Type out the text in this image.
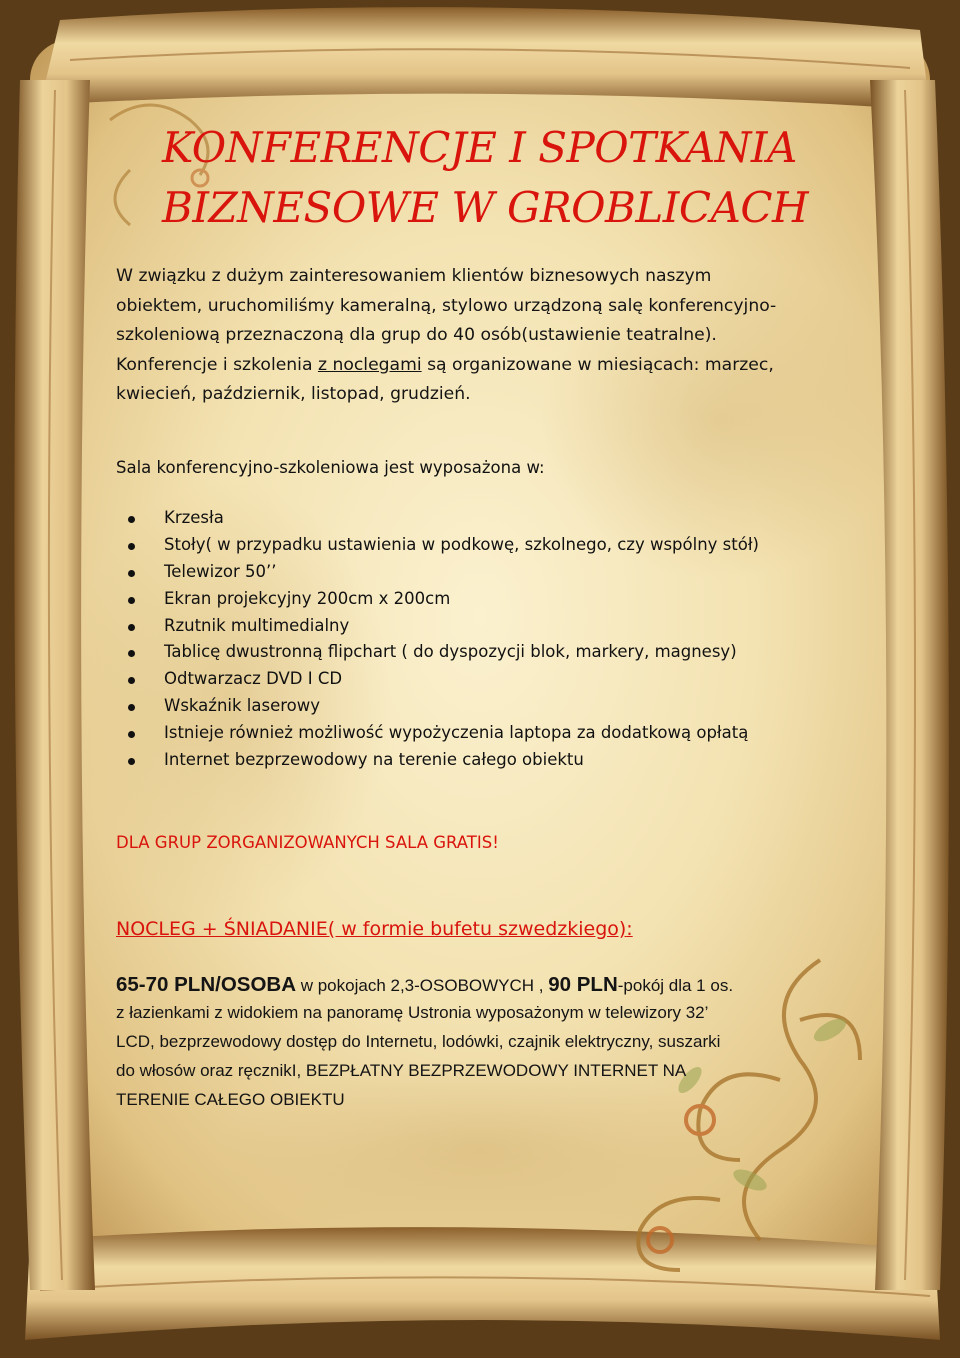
KONFERENCJE I SPOTKANIA
BIZNESOWE W GROBLICACH
W związku z dużym zainteresowaniem klientów biznesowych naszym
obiektem, uruchomiliśmy kameralną, stylowo urządzoną salę konferencyjno-
szkoleniową przeznaczoną dla grup do 40 osób(ustawienie teatralne).
Konferencje i szkolenia z noclegami są organizowane w miesiącach: marzec,
kwiecień, październik, listopad, grudzień.
Sala konferencyjno-szkoleniowa jest wyposażona w:
Krzesła
Stoły( w przypadku ustawienia w podkowę, szkolnego, czy wspólny stół)
Telewizor 50’’
Ekran projekcyjny 200cm x 200cm
Rzutnik multimedialny
Tablicę dwustronną flipchart ( do dyspozycji blok, markery, magnesy)
Odtwarzacz DVD I CD
Wskaźnik laserowy
Istnieje również możliwość wypożyczenia laptopa za dodatkową opłatą
Internet bezprzewodowy na terenie całego obiektu
DLA GRUP ZORGANIZOWANYCH SALA GRATIS!
NOCLEG + ŚNIADANIE( w formie bufetu szwedzkiego):
65-70 PLN/OSOBA w pokojach 2,3-OSOBOWYCH , 90 PLN-pokój dla 1 os.
z łazienkami z widokiem na panoramę Ustronia wyposażonym w telewizory 32’
LCD, bezprzewodowy dostęp do Internetu, lodówki, czajnik elektryczny, suszarki
do włosów oraz ręcznikI, BEZPŁATNY BEZPRZEWODOWY INTERNET NA
TERENIE CAŁEGO OBIEKTU
